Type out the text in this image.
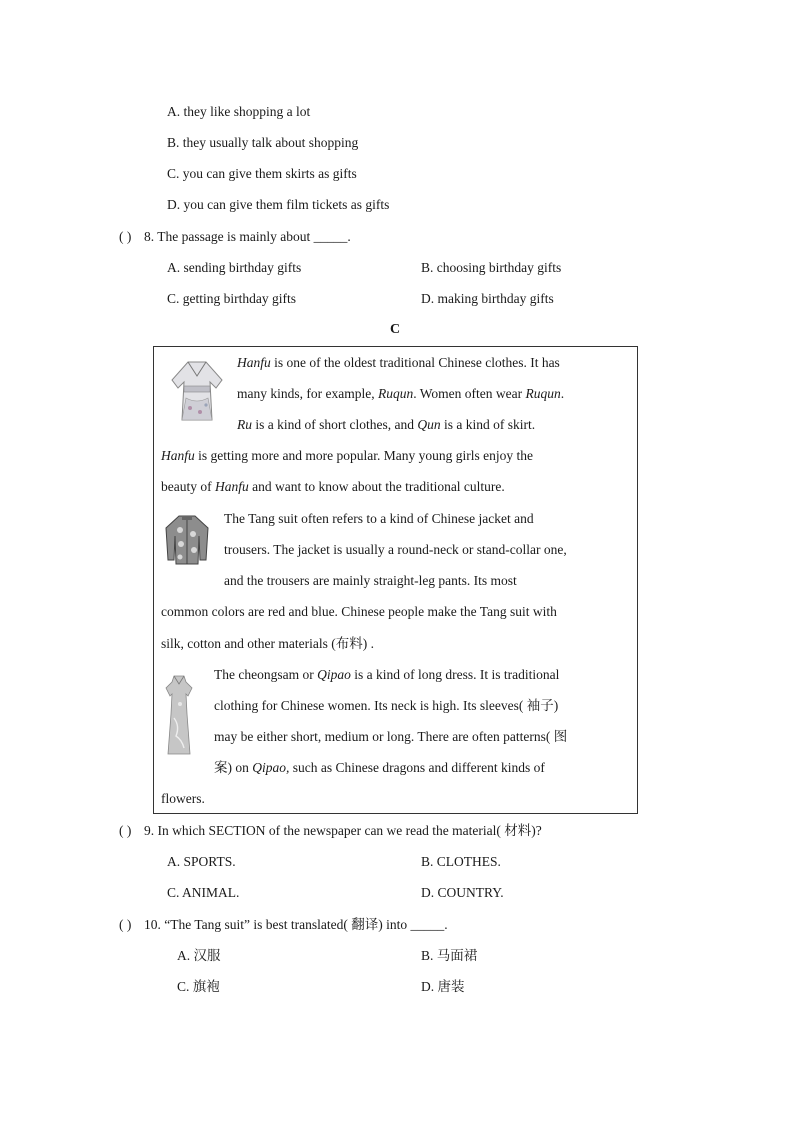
A. they like shopping a lot
B. they usually talk about shopping
C. you can give them skirts as gifts
D. you can give them film tickets as gifts
( ) 8. The passage is mainly about _____.
A. sending birthday gifts	B. choosing birthday gifts
C. getting birthday gifts	D. making birthday gifts
C
Hanfu is one of the oldest traditional Chinese clothes. It has
many kinds, for example, Ruqun. Women often wear Ruqun.
Ru is a kind of short clothes, and Qun is a kind of skirt.
Hanfu is getting more and more popular. Many young girls enjoy the
beauty of Hanfu and want to know about the traditional culture.
The Tang suit often refers to a kind of Chinese jacket and
trousers. The jacket is usually a round-neck or stand-collar one,
and the trousers are mainly straight-leg pants. Its most
common colors are red and blue. Chinese people make the Tang suit with
silk, cotton and other materials (布料) .
The cheongsam or Qipao is a kind of long dress. It is traditional
clothing for Chinese women. Its neck is high. Its sleeves( 袖子)
may be either short, medium or long. There are often patterns( 图
案) on Qipao, such as Chinese dragons and different kinds of
flowers.
( ) 9. In which SECTION of the newspaper can we read the material( 材料)?
A. SPORTS.	B. CLOTHES.
C. ANIMAL.	D. COUNTRY.
( ) 10. “The Tang suit” is best translated( 翻译) into _____.
A. 汉服	B. 马面裙
C. 旗袍	D. 唐装
